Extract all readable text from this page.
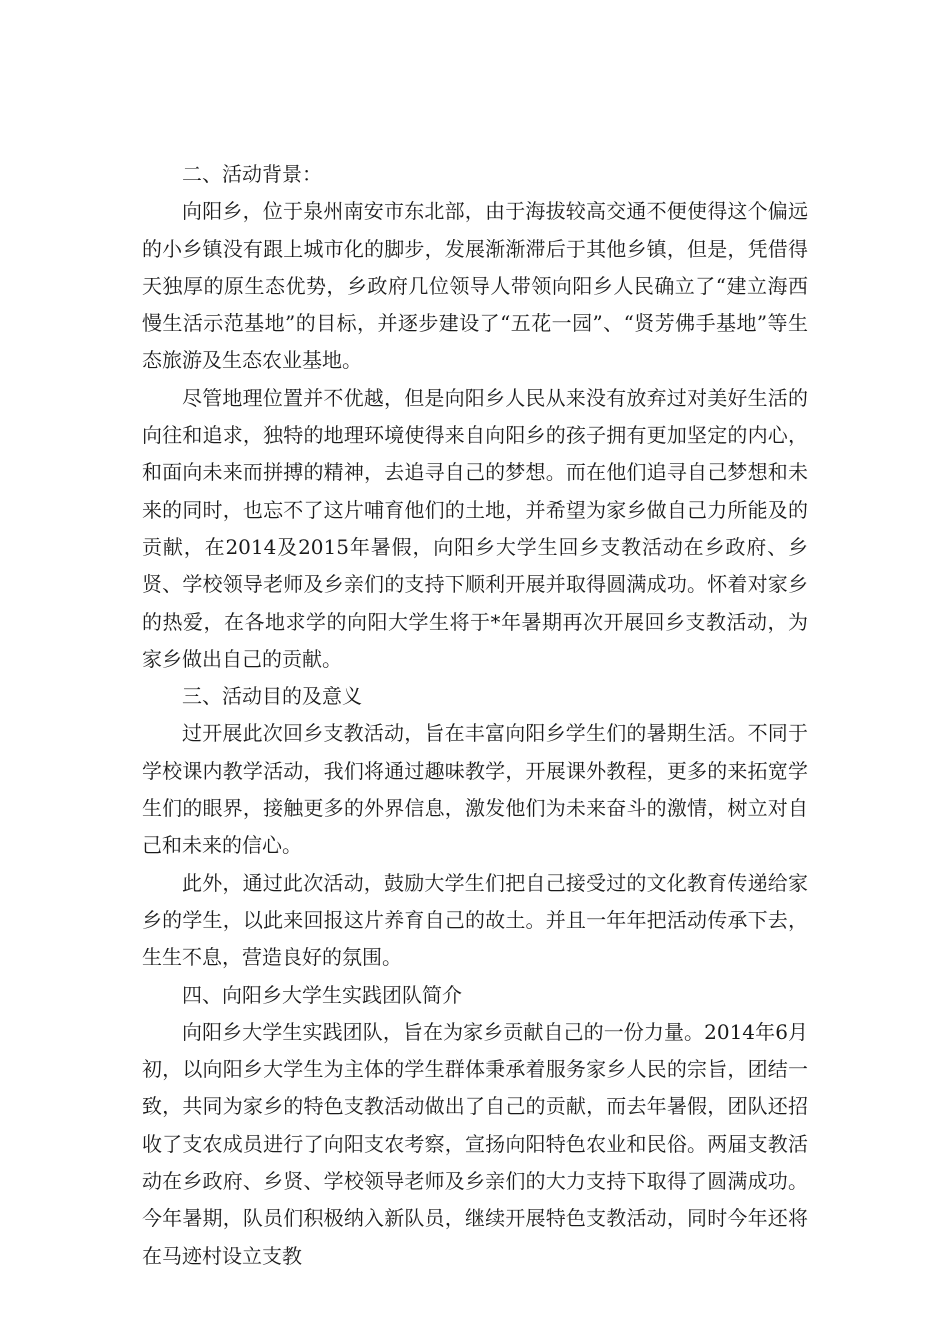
二、活动背景：

向阳乡，位于泉州南安市东北部，由于海拔较高交通不便使得这个偏远的小乡镇没有跟上城市化的脚步，发展渐渐滞后于其他乡镇，但是，凭借得天独厚的原生态优势，乡政府几位领导人带领向阳乡人民确立了“建立海西慢生活示范基地”的目标，并逐步建设了“五花一园”、“贤芳佛手基地”等生态旅游及生态农业基地。

尽管地理位置并不优越，但是向阳乡人民从来没有放弃过对美好生活的向往和追求，独特的地理环境使得来自向阳乡的孩子拥有更加坚定的内心，和面向未来而拼搏的精神，去追寻自己的梦想。而在他们追寻自己梦想和未来的同时，也忘不了这片哺育他们的土地，并希望为家乡做自己力所能及的贡献，在2014及2015年暑假，向阳乡大学生回乡支教活动在乡政府、乡贤、学校领导老师及乡亲们的支持下顺利开展并取得圆满成功。怀着对家乡的热爱，在各地求学的向阳大学生将于*年暑期再次开展回乡支教活动，为家乡做出自己的贡献。

三、活动目的及意义

过开展此次回乡支教活动，旨在丰富向阳乡学生们的暑期生活。不同于学校课内教学活动，我们将通过趣味教学，开展课外教程，更多的来拓宽学生们的眼界，接触更多的外界信息，激发他们为未来奋斗的激情，树立对自己和未来的信心。

此外，通过此次活动，鼓励大学生们把自己接受过的文化教育传递给家乡的学生，以此来回报这片养育自己的故土。并且一年年把活动传承下去，生生不息，营造良好的氛围。

四、向阳乡大学生实践团队简介

向阳乡大学生实践团队，旨在为家乡贡献自己的一份力量。2014年6月初，以向阳乡大学生为主体的学生群体秉承着服务家乡人民的宗旨，团结一致，共同为家乡的特色支教活动做出了自己的贡献，而去年暑假，团队还招收了支农成员进行了向阳支农考察，宣扬向阳特色农业和民俗。两届支教活动在乡政府、乡贤、学校领导老师及乡亲们的大力支持下取得了圆满成功。今年暑期，队员们积极纳入新队员，继续开展特色支教活动，同时今年还将在马迹村设立支教
